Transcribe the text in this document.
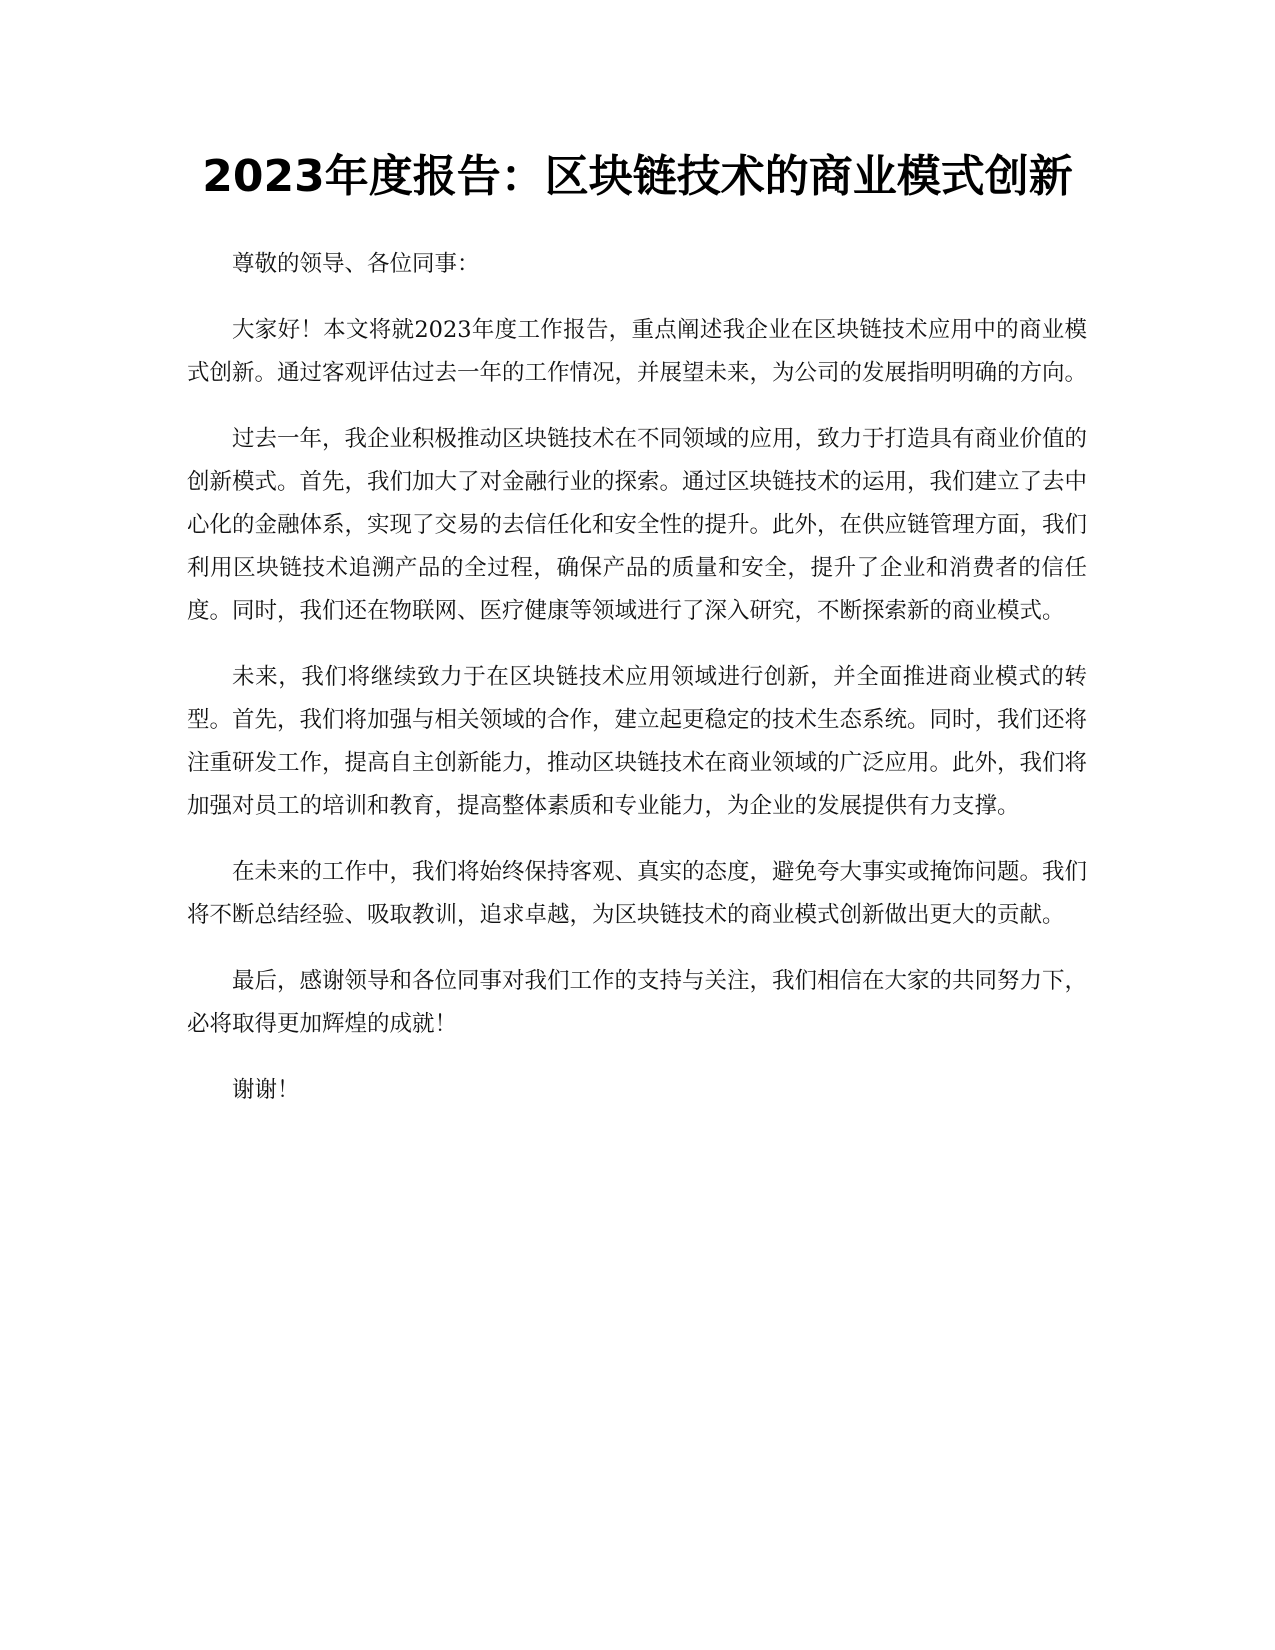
2023年度报告：区块链技术的商业模式创新

尊敬的领导、各位同事：

大家好！本文将就2023年度工作报告，重点阐述我企业在区块链技术应用中的商业模式创新。通过客观评估过去一年的工作情况，并展望未来，为公司的发展指明明确的方向。

过去一年，我企业积极推动区块链技术在不同领域的应用，致力于打造具有商业价值的创新模式。首先，我们加大了对金融行业的探索。通过区块链技术的运用，我们建立了去中心化的金融体系，实现了交易的去信任化和安全性的提升。此外，在供应链管理方面，我们利用区块链技术追溯产品的全过程，确保产品的质量和安全，提升了企业和消费者的信任度。同时，我们还在物联网、医疗健康等领域进行了深入研究，不断探索新的商业模式。

未来，我们将继续致力于在区块链技术应用领域进行创新，并全面推进商业模式的转型。首先，我们将加强与相关领域的合作，建立起更稳定的技术生态系统。同时，我们还将注重研发工作，提高自主创新能力，推动区块链技术在商业领域的广泛应用。此外，我们将加强对员工的培训和教育，提高整体素质和专业能力，为企业的发展提供有力支撑。

在未来的工作中，我们将始终保持客观、真实的态度，避免夸大事实或掩饰问题。我们将不断总结经验、吸取教训，追求卓越，为区块链技术的商业模式创新做出更大的贡献。

最后，感谢领导和各位同事对我们工作的支持与关注，我们相信在大家的共同努力下，必将取得更加辉煌的成就！

谢谢！
